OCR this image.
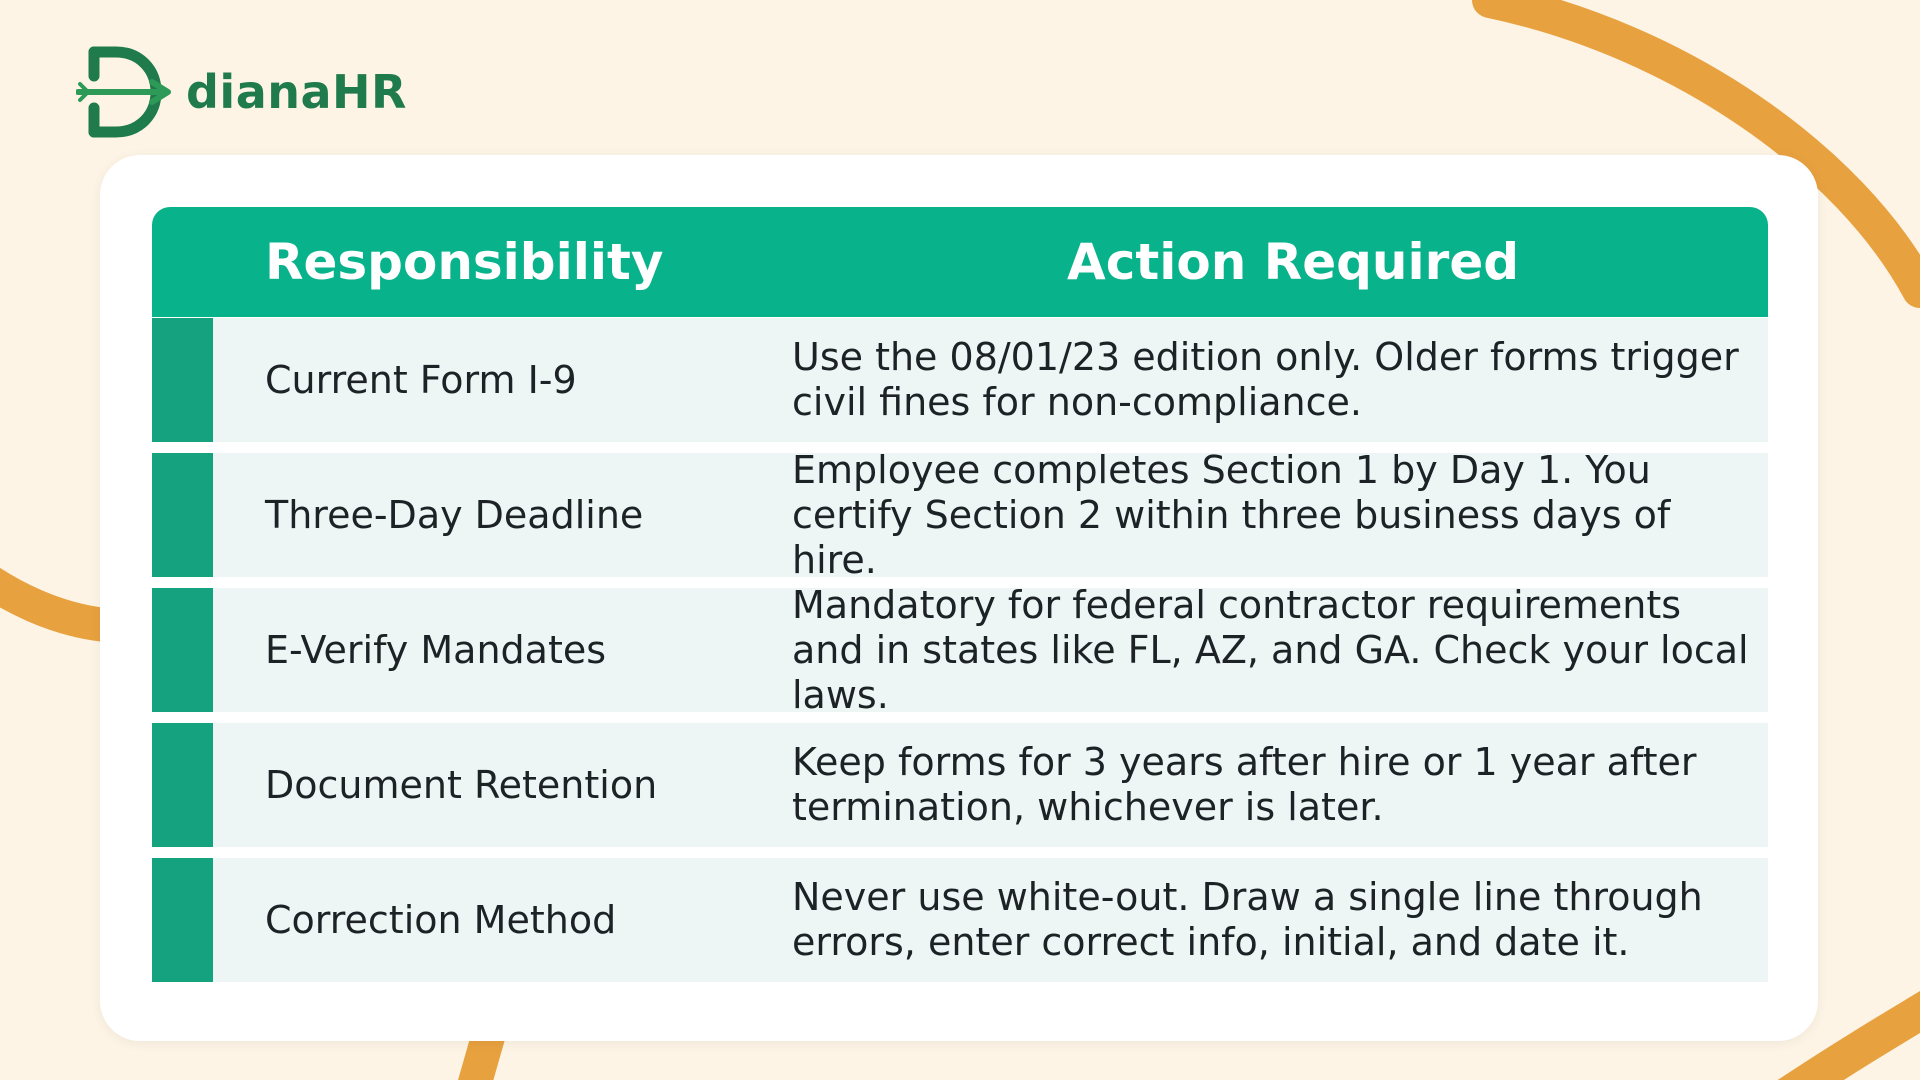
dianaHR
Responsibility	Action Required
Current Form I-9
Use the 08/01/23 edition only. Older forms trigger civil fines for non-compliance.
Three-Day Deadline
Employee completes Section 1 by Day 1. You certify Section 2 within three business days of hire.
E-Verify Mandates
Mandatory for federal contractor requirements and in states like FL, AZ, and GA. Check your local laws.
Document Retention
Keep forms for 3 years after hire or 1 year after termination, whichever is later.
Correction Method
Never use white-out. Draw a single line through errors, enter correct info, initial, and date it.
